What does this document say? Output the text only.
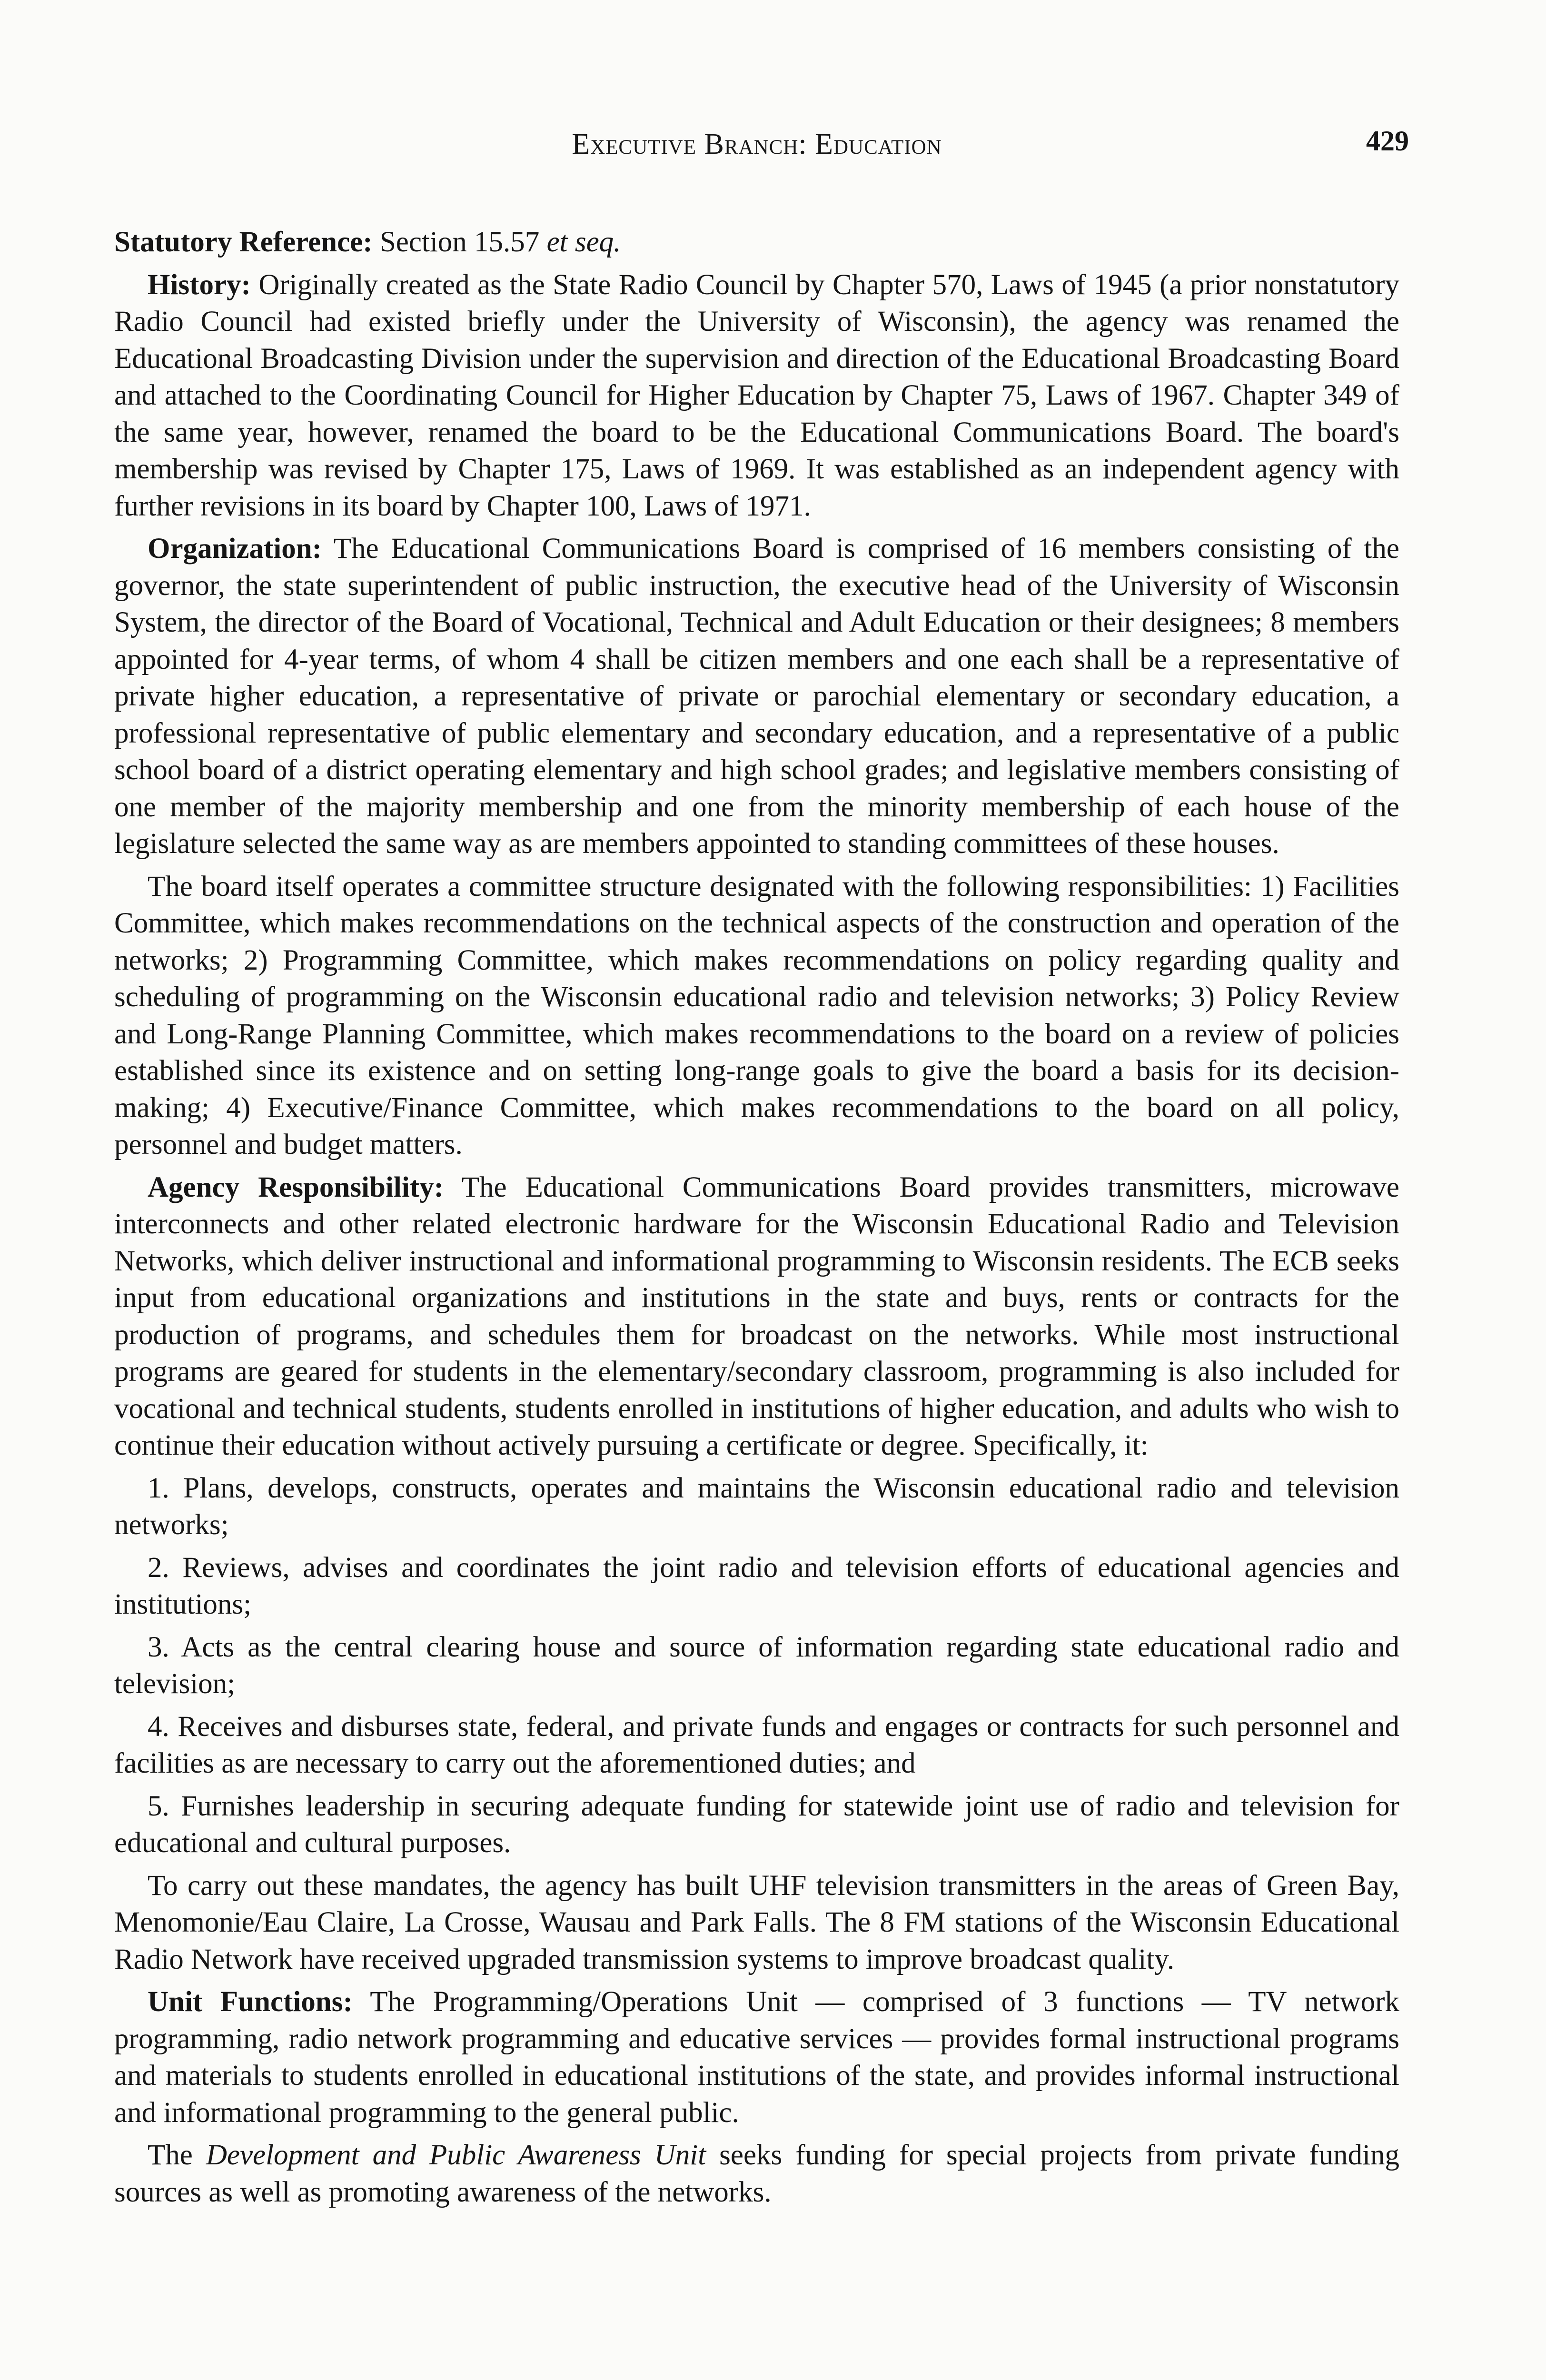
Executive Branch: Education	429

Statutory Reference: Section 15.57 et seq.

History: Originally created as the State Radio Council by Chapter 570, Laws of 1945 (a prior nonstatutory Radio Council had existed briefly under the University of Wisconsin), the agency was renamed the Educational Broadcasting Division under the supervision and direction of the Educational Broadcasting Board and attached to the Coordinating Council for Higher Education by Chapter 75, Laws of 1967. Chapter 349 of the same year, however, renamed the board to be the Educational Communications Board. The board's membership was revised by Chapter 175, Laws of 1969. It was established as an independent agency with further revisions in its board by Chapter 100, Laws of 1971.

Organization: The Educational Communications Board is comprised of 16 members consisting of the governor, the state superintendent of public instruction, the executive head of the University of Wisconsin System, the director of the Board of Vocational, Technical and Adult Education or their designees; 8 members appointed for 4-year terms, of whom 4 shall be citizen members and one each shall be a representative of private higher education, a representative of private or parochial elementary or secondary education, a professional representative of public elementary and secondary education, and a representative of a public school board of a district operating elementary and high school grades; and legislative members consisting of one member of the majority membership and one from the minority membership of each house of the legislature selected the same way as are members appointed to standing committees of these houses.

The board itself operates a committee structure designated with the following responsibilities: 1) Facilities Committee, which makes recommendations on the technical aspects of the construction and operation of the networks; 2) Programming Committee, which makes recommendations on policy regarding quality and scheduling of programming on the Wisconsin educational radio and television networks; 3) Policy Review and Long-Range Planning Committee, which makes recommendations to the board on a review of policies established since its existence and on setting long-range goals to give the board a basis for its decision-making; 4) Executive/Finance Committee, which makes recommendations to the board on all policy, personnel and budget matters.

Agency Responsibility: The Educational Communications Board provides transmitters, microwave interconnects and other related electronic hardware for the Wisconsin Educational Radio and Television Networks, which deliver instructional and informational programming to Wisconsin residents. The ECB seeks input from educational organizations and institutions in the state and buys, rents or contracts for the production of programs, and schedules them for broadcast on the networks. While most instructional programs are geared for students in the elementary/secondary classroom, programming is also included for vocational and technical students, students enrolled in institutions of higher education, and adults who wish to continue their education without actively pursuing a certificate or degree. Specifically, it:

1. Plans, develops, constructs, operates and maintains the Wisconsin educational radio and television networks;

2. Reviews, advises and coordinates the joint radio and television efforts of educational agencies and institutions;

3. Acts as the central clearing house and source of information regarding state educational radio and television;

4. Receives and disburses state, federal, and private funds and engages or contracts for such personnel and facilities as are necessary to carry out the aforementioned duties; and

5. Furnishes leadership in securing adequate funding for statewide joint use of radio and television for educational and cultural purposes.

To carry out these mandates, the agency has built UHF television transmitters in the areas of Green Bay, Menomonie/Eau Claire, La Crosse, Wausau and Park Falls. The 8 FM stations of the Wisconsin Educational Radio Network have received upgraded transmission systems to improve broadcast quality.

Unit Functions: The Programming/Operations Unit — comprised of 3 functions — TV network programming, radio network programming and educative services — provides formal instructional programs and materials to students enrolled in educational institutions of the state, and provides informal instructional and informational programming to the general public.

The Development and Public Awareness Unit seeks funding for special projects from private funding sources as well as promoting awareness of the networks.
